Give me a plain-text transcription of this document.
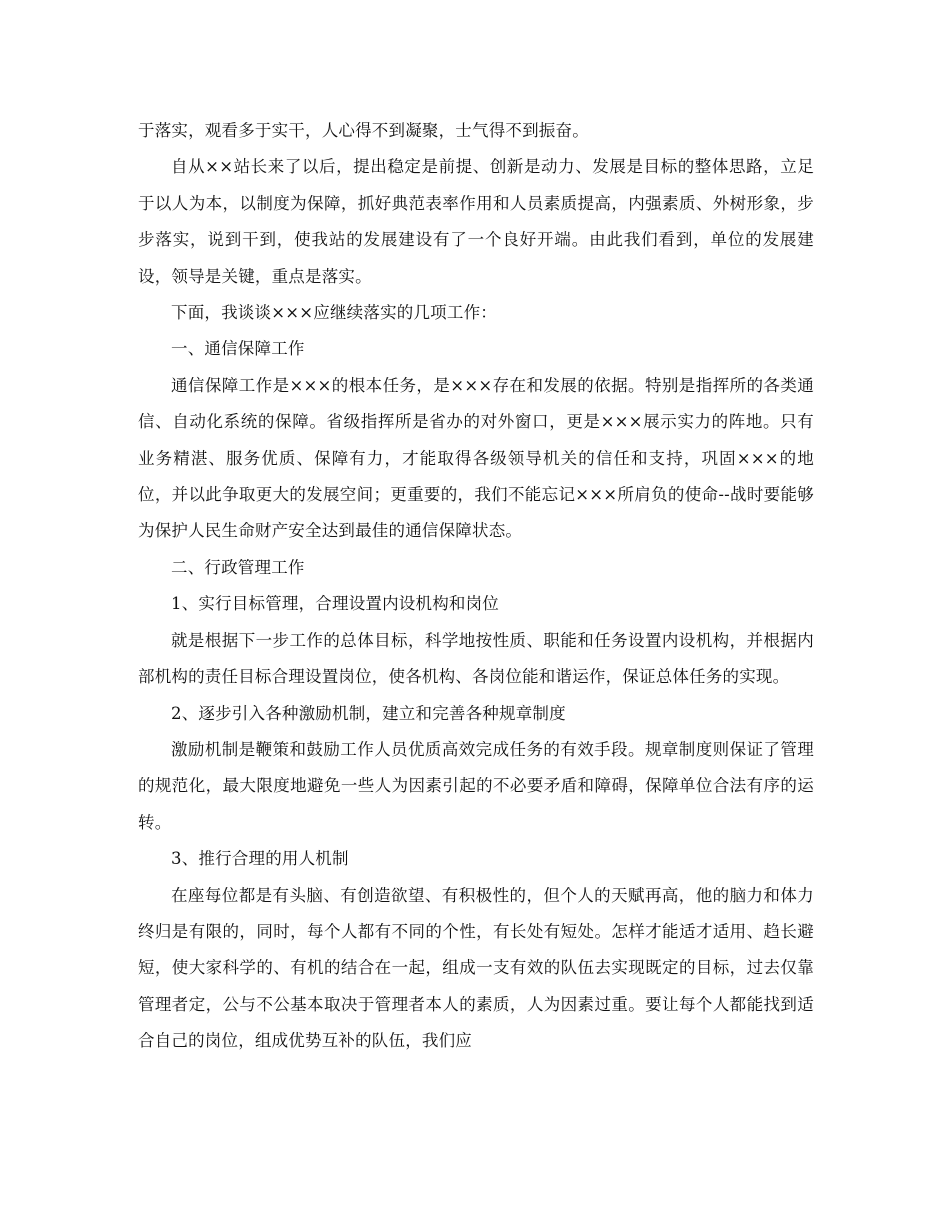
于落实，观看多于实干，人心得不到凝聚，士气得不到振奋。

自从××站长来了以后，提出稳定是前提、创新是动力、发展是目标的整体思路，立足于以人为本，以制度为保障，抓好典范表率作用和人员素质提高，内强素质、外树形象，步步落实，说到干到，使我站的发展建设有了一个良好开端。由此我们看到，单位的发展建设，领导是关键，重点是落实。

下面，我谈谈×××应继续落实的几项工作：

一、通信保障工作

通信保障工作是×××的根本任务，是×××存在和发展的依据。特别是指挥所的各类通信、自动化系统的保障。省级指挥所是省办的对外窗口，更是×××展示实力的阵地。只有业务精湛、服务优质、保障有力，才能取得各级领导机关的信任和支持，巩固×××的地位，并以此争取更大的发展空间；更重要的，我们不能忘记×××所肩负的使命--战时要能够为保护人民生命财产安全达到最佳的通信保障状态。

二、行政管理工作

1、实行目标管理，合理设置内设机构和岗位

就是根据下一步工作的总体目标，科学地按性质、职能和任务设置内设机构，并根据内部机构的责任目标合理设置岗位，使各机构、各岗位能和谐运作，保证总体任务的实现。

2、逐步引入各种激励机制，建立和完善各种规章制度

激励机制是鞭策和鼓励工作人员优质高效完成任务的有效手段。规章制度则保证了管理的规范化，最大限度地避免一些人为因素引起的不必要矛盾和障碍，保障单位合法有序的运转。

3、推行合理的用人机制

在座每位都是有头脑、有创造欲望、有积极性的，但个人的天赋再高，他的脑力和体力终归是有限的，同时，每个人都有不同的个性，有长处有短处。怎样才能适才适用、趋长避短，使大家科学的、有机的结合在一起，组成一支有效的队伍去实现既定的目标，过去仅靠管理者定，公与不公基本取决于管理者本人的素质，人为因素过重。要让每个人都能找到适合自己的岗位，组成优势互补的队伍，我们应
